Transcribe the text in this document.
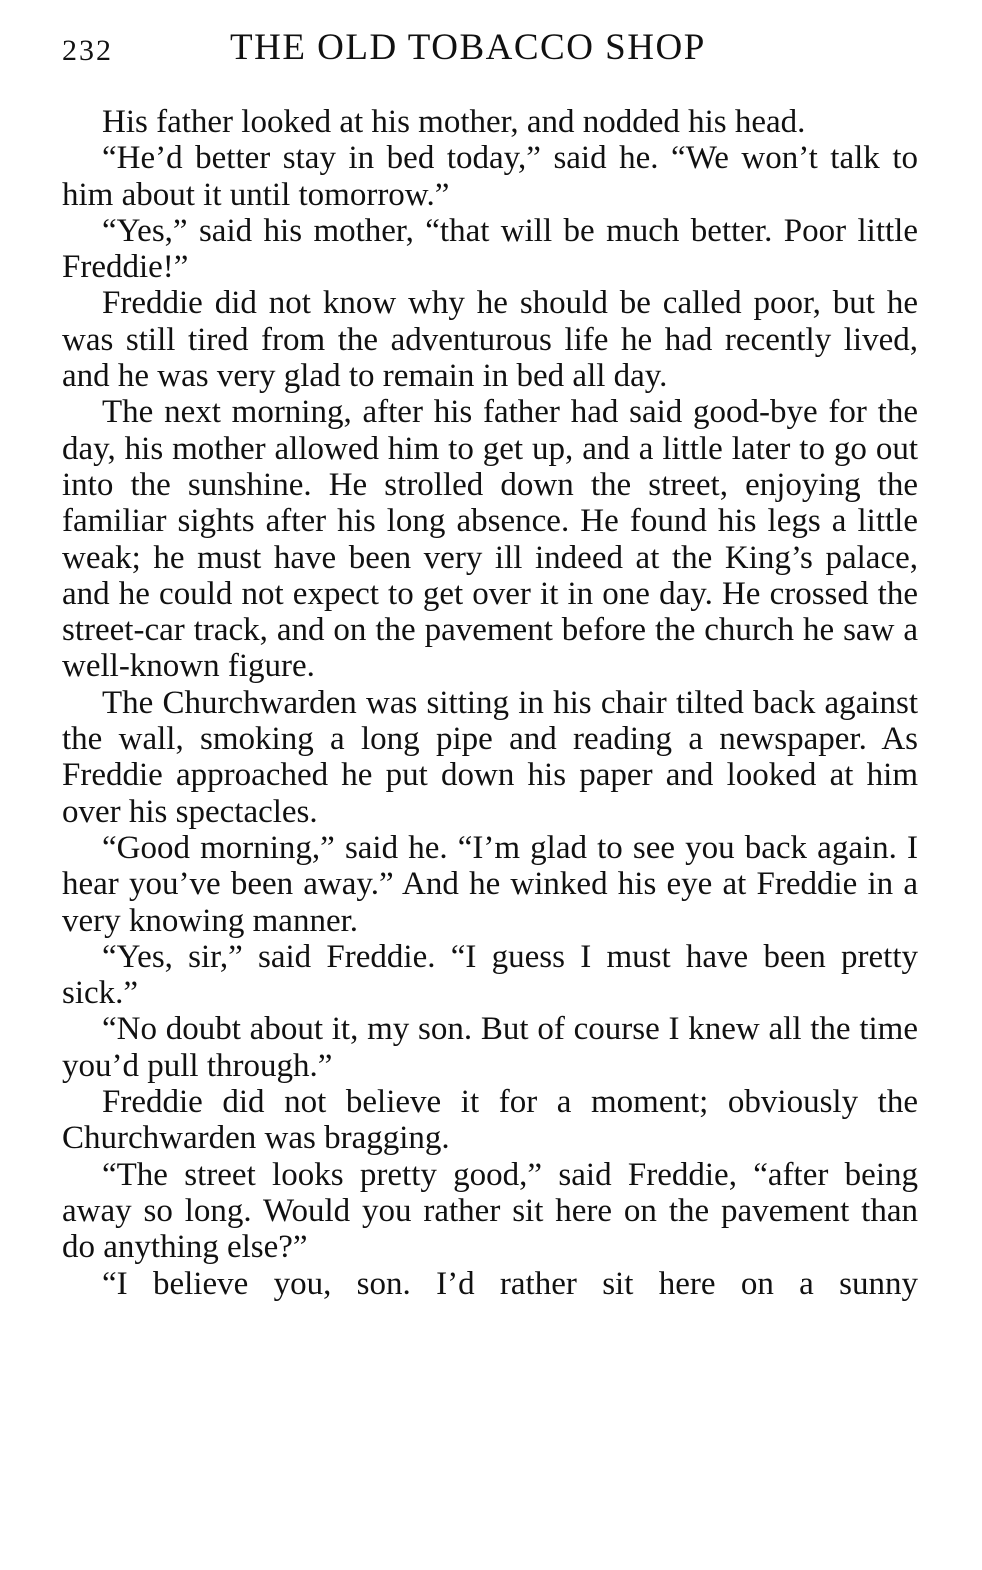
232	THE OLD TOBACCO SHOP

His father looked at his mother, and nodded his head.

“He’d better stay in bed today,” said he. “We won’t talk to him about it until tomorrow.”

“Yes,” said his mother, “that will be much better. Poor little Freddie!”

Freddie did not know why he should be called poor, but he was still tired from the adventurous life he had recently lived, and he was very glad to remain in bed all day.

The next morning, after his father had said good-bye for the day, his mother allowed him to get up, and a little later to go out into the sunshine. He strolled down the street, enjoying the familiar sights after his long absence. He found his legs a little weak; he must have been very ill indeed at the King’s palace, and he could not expect to get over it in one day. He crossed the street-car track, and on the pavement before the church he saw a well-known figure.

The Churchwarden was sitting in his chair tilted back against the wall, smoking a long pipe and reading a newspaper. As Freddie approached he put down his paper and looked at him over his spectacles.

“Good morning,” said he. “I’m glad to see you back again. I hear you’ve been away.” And he winked his eye at Freddie in a very knowing manner.

“Yes, sir,” said Freddie. “I guess I must have been pretty sick.”

“No doubt about it, my son. But of course I knew all the time you’d pull through.”

Freddie did not believe it for a moment; obviously the Churchwarden was bragging.

“The street looks pretty good,” said Freddie, “after being away so long. Would you rather sit here on the pavement than do anything else?”

“I believe you, son. I’d rather sit here on a sunny
